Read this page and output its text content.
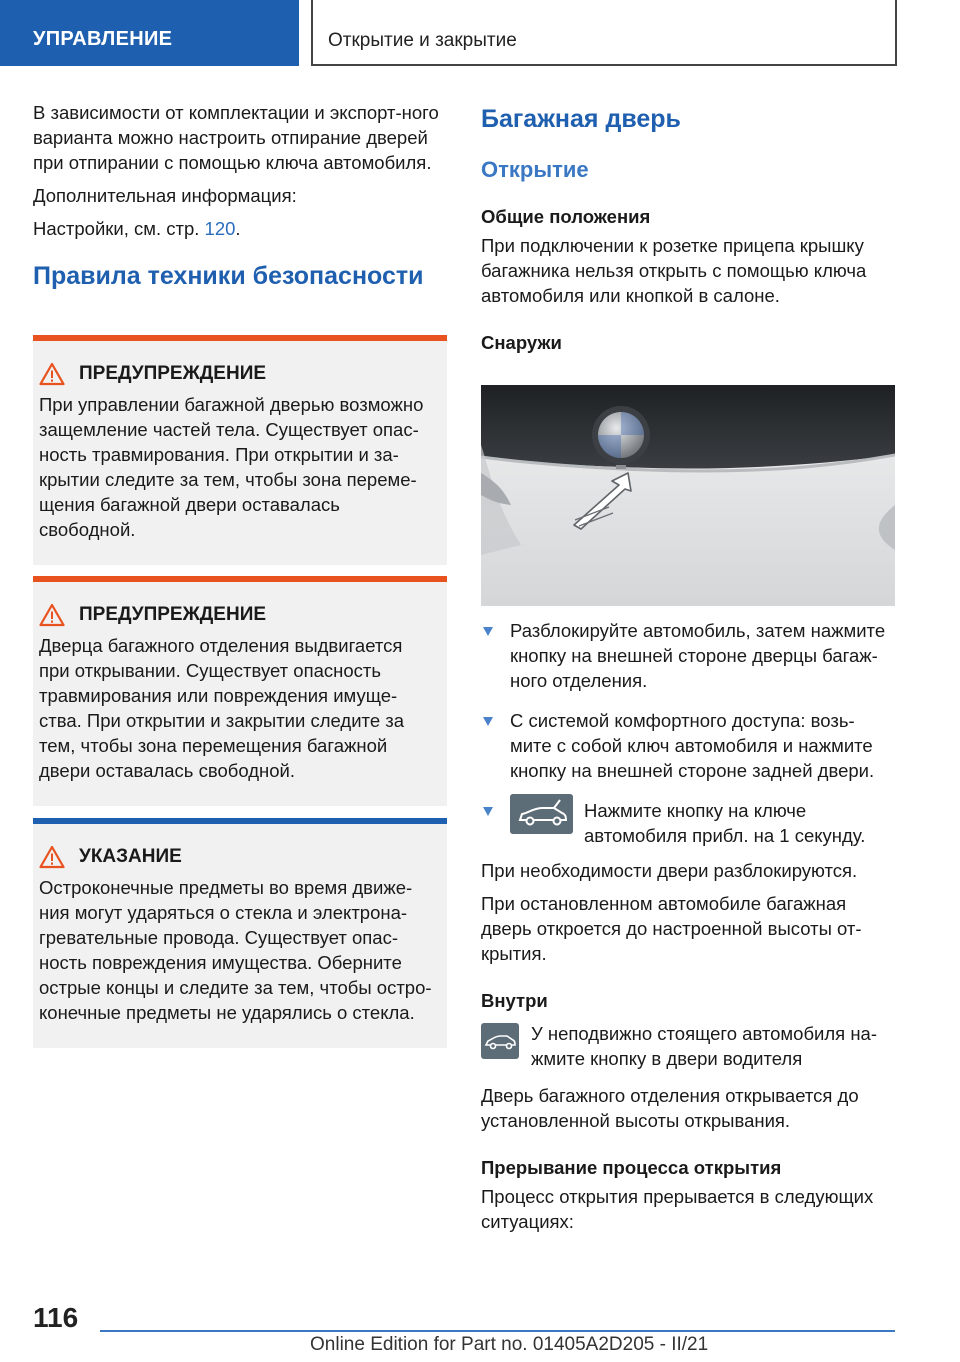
УПРАВЛЕНИЕ	Открытие и закрытие

В зависимости от комплектации и экспорт-ного варианта можно настроить отпирание дверей при отпирании с помощью ключа автомобиля.

Дополнительная информация:

Настройки, см. стр. 120.

Правила техники безопасности
ПРЕДУПРЕЖДЕНИЕ
При управлении багажной дверью возможно защемление частей тела. Существует опас-ность травмирования. При открытии и за-крытии следите за тем, чтобы зона переме-щения багажной двери оставалась свободной.
ПРЕДУПРЕЖДЕНИЕ
Дверца багажного отделения выдвигается при открывании. Существует опасность травмирования или повреждения имуще-ства. При открытии и закрытии следите за тем, чтобы зона перемещения багажной двери оставалась свободной.
УКАЗАНИЕ
Остроконечные предметы во время движе-ния могут ударяться о стекла и электрона-гревательные провода. Существует опас-ность повреждения имущества. Оберните острые концы и следите за тем, чтобы остро-конечные предметы не ударялись о стекла.
Багажная дверь
Открытие
Общие положения

При подключении к розетке прицепа крышку багажника нельзя открыть с помощью ключа автомобиля или кнопкой в салоне.

Снаружи
Разблокируйте автомобиль, затем нажмите кнопку на внешней стороне дверцы багаж-ного отделения.
С системой комфортного доступа: возь-мите с собой ключ автомобиля и нажмите кнопку на внешней стороне задней двери.
Нажмите кнопку на ключе автомобиля прибл. на 1 секунду.

При необходимости двери разблокируются.

При остановленном автомобиле багажная дверь откроется до настроенной высоты от-крытия.

Внутри
У неподвижно стоящего автомобиля на-жмите кнопку в двери водителя

Дверь багажного отделения открывается до установленной высоты открывания.

Прерывание процесса открытия

Процесс открытия прерывается в следующих ситуациях:

116
Online Edition for Part no. 01405A2D205 - II/21
